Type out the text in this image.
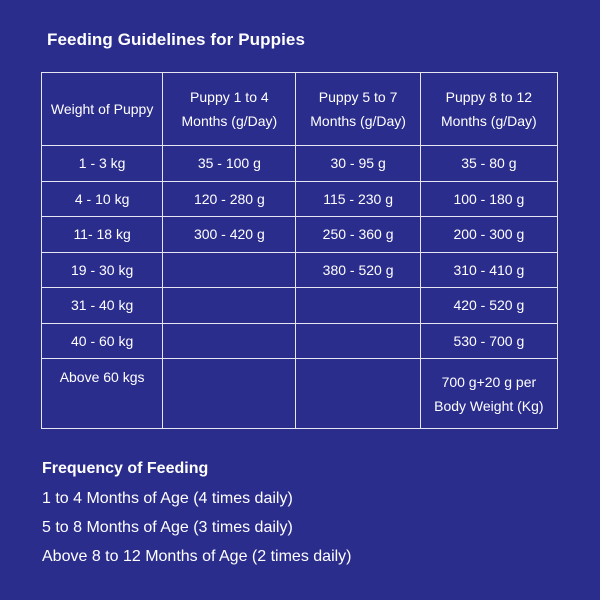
Feeding Guidelines for Puppies
Weight of Puppy	Puppy 1 to 4 Months (g/Day)	Puppy 5 to 7 Months (g/Day)	Puppy 8 to 12 Months (g/Day)
1 - 3 kg	35 - 100 g	30 - 95 g	35 - 80 g
4 - 10 kg	120 - 280 g	115 - 230 g	100 - 180 g
11- 18 kg	300 - 420 g	250 - 360 g	200 - 300 g
19 - 30 kg		380 - 520 g	310 - 410 g
31 - 40 kg			420 - 520 g
40 - 60 kg			530 - 700 g
Above 60 kgs			700 g+20 g per Body Weight (Kg)
Frequency of Feeding
1 to 4 Months of Age (4 times daily)
5 to 8 Months of Age (3 times daily)
Above 8 to 12 Months of Age (2 times daily)
